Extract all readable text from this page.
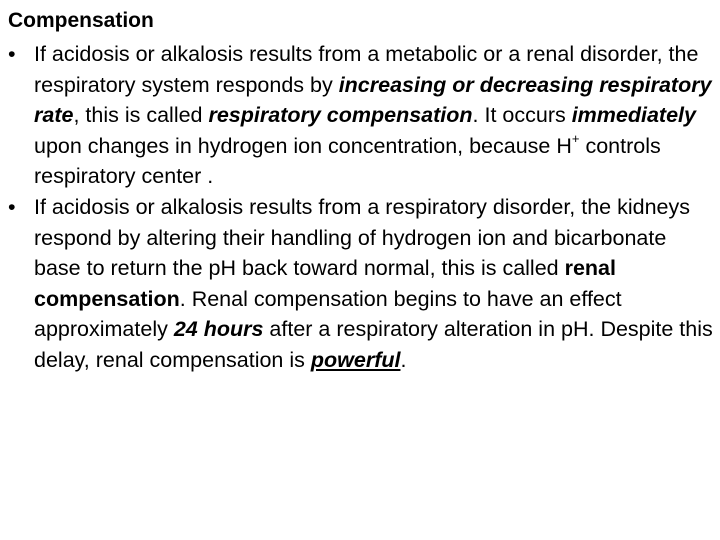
Compensation
• If acidosis or alkalosis results from a metabolic or a renal disorder, the respiratory system responds by increasing or decreasing respiratory rate, this is called respiratory compensation. It occurs immediately upon changes in hydrogen ion concentration, because H+ controls respiratory center .
• If acidosis or alkalosis results from a respiratory disorder, the kidneys respond by altering their handling of hydrogen ion and bicarbonate base to return the pH back toward normal, this is called renal compensation. Renal compensation begins to have an effect approximately 24 hours after a respiratory alteration in pH. Despite this delay, renal compensation is powerful.
